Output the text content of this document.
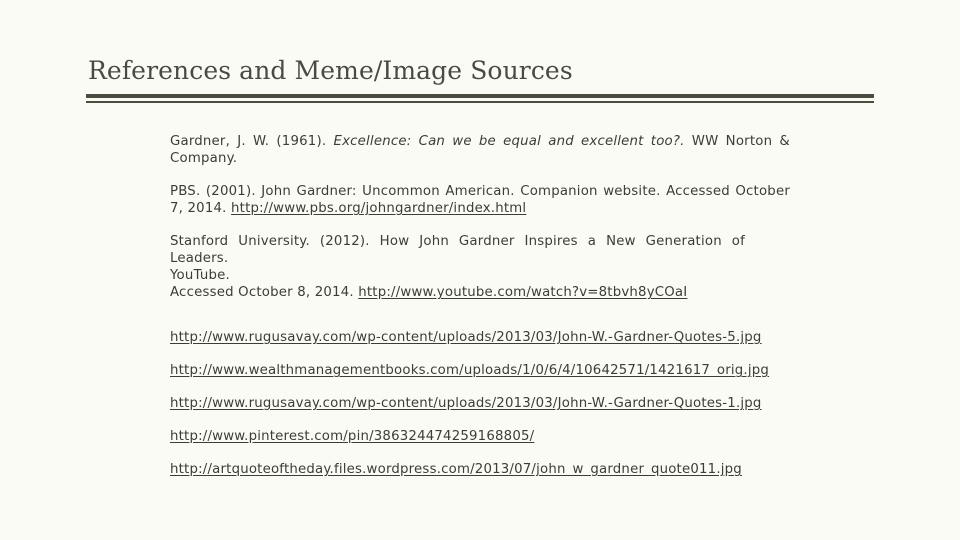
References and Meme/Image Sources

Gardner, J. W. (1961). Excellence: Can we be equal and excellent too?. WW Norton & Company.

PBS. (2001). John Gardner: Uncommon American. Companion website. Accessed October 7, 2014. http://www.pbs.org/johngardner/index.html

Stanford University. (2012). How John Gardner Inspires a New Generation of Leaders.
YouTube.
Accessed October 8, 2014. http://www.youtube.com/watch?v=8tbvh8yCOaI

http://www.rugusavay.com/wp-content/uploads/2013/03/John-W.-Gardner-Quotes-5.jpg

http://www.wealthmanagementbooks.com/uploads/1/0/6/4/10642571/1421617_orig.jpg

http://www.rugusavay.com/wp-content/uploads/2013/03/John-W.-Gardner-Quotes-1.jpg

http://www.pinterest.com/pin/386324474259168805/

http://artquoteoftheday.files.wordpress.com/2013/07/john_w_gardner_quote011.jpg
